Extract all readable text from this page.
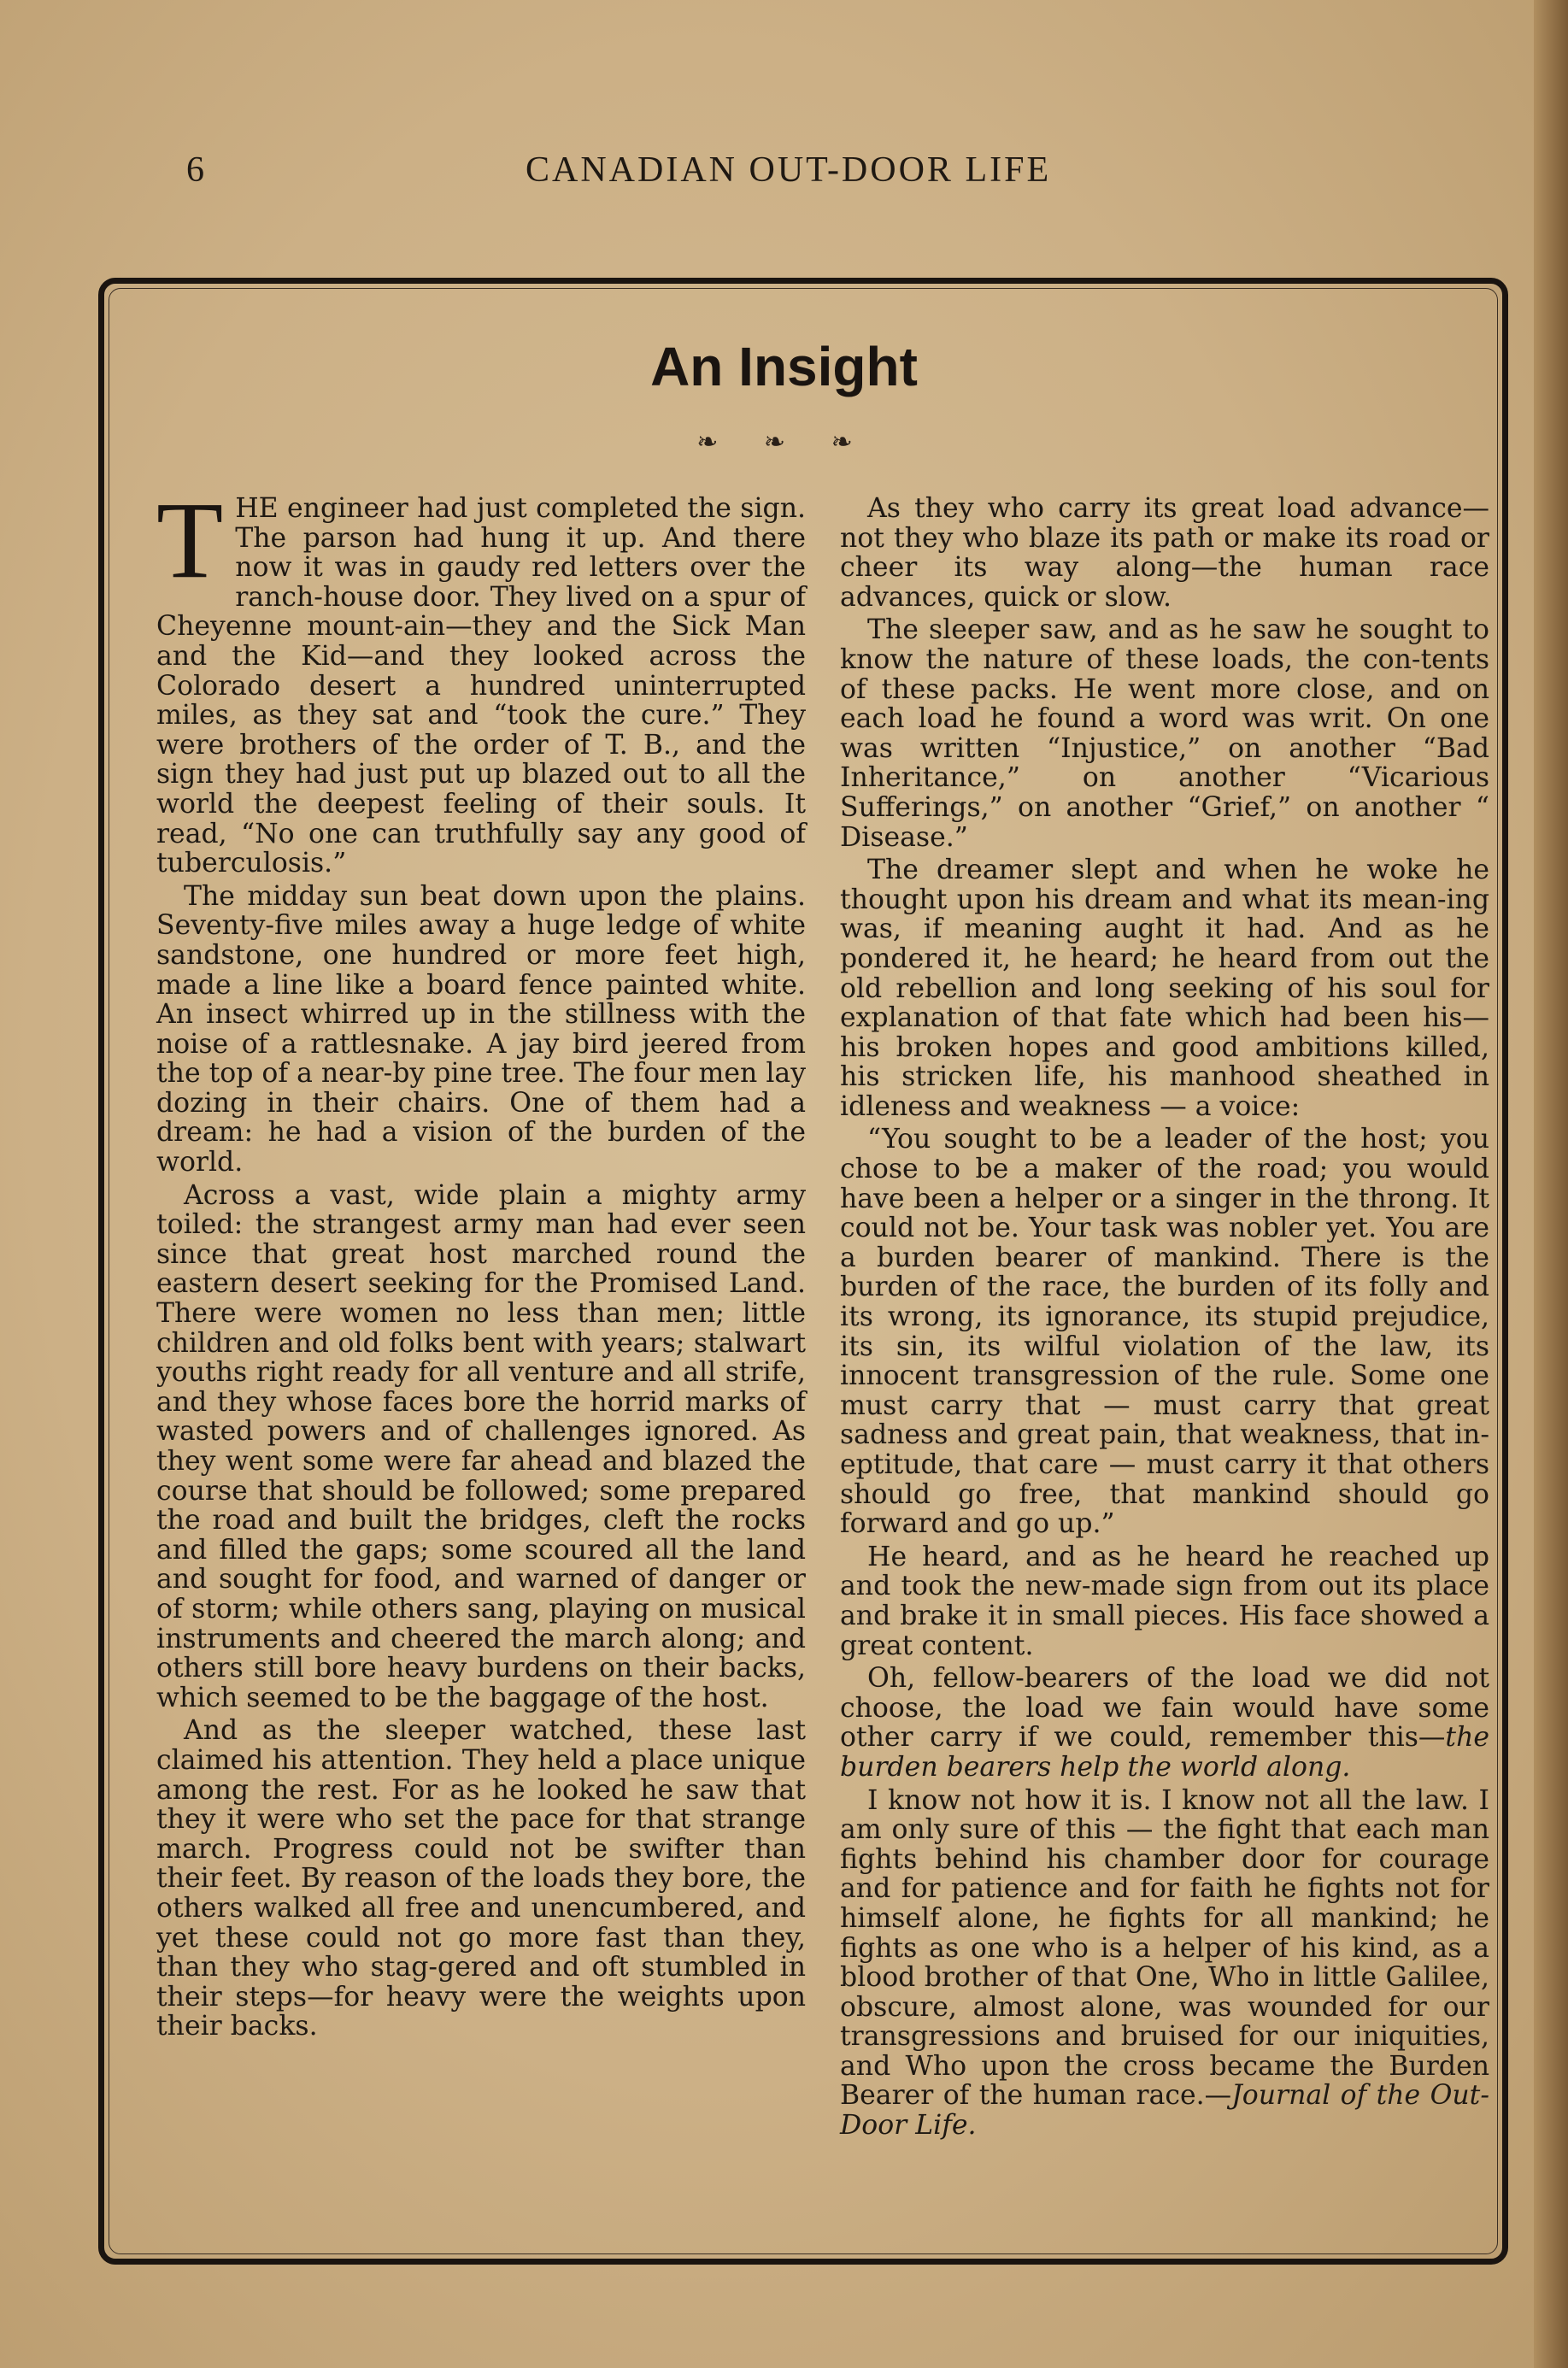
6	CANADIAN OUT-DOOR LIFE
An Insight
❧ ❧ ❧

THE engineer had just completed the sign. The parson had hung it up. And there now it was in gaudy red letters over the ranch-house door. They lived on a spur of Cheyenne mount-ain—they and the Sick Man and the Kid—and they looked across the Colorado desert a hundred uninterrupted miles, as they sat and “took the cure.” They were brothers of the order of T. B., and the sign they had just put up blazed out to all the world the deepest feeling of their souls. It read, “No one can truthfully say any good of tuberculosis.”

The midday sun beat down upon the plains. Seventy-five miles away a huge ledge of white sandstone, one hundred or more feet high, made a line like a board fence painted white. An insect whirred up in the stillness with the noise of a rattlesnake. A jay bird jeered from the top of a near-by pine tree. The four men lay dozing in their chairs. One of them had a dream: he had a vision of the burden of the world.

Across a vast, wide plain a mighty army toiled: the strangest army man had ever seen since that great host marched round the eastern desert seeking for the Promised Land. There were women no less than men; little children and old folks bent with years; stalwart youths right ready for all venture and all strife, and they whose faces bore the horrid marks of wasted powers and of challenges ignored. As they went some were far ahead and blazed the course that should be followed; some prepared the road and built the bridges, cleft the rocks and filled the gaps; some scoured all the land and sought for food, and warned of danger or of storm; while others sang, playing on musical instruments and cheered the march along; and others still bore heavy burdens on their backs, which seemed to be the baggage of the host.

And as the sleeper watched, these last claimed his attention. They held a place unique among the rest. For as he looked he saw that they it were who set the pace for that strange march. Progress could not be swifter than their feet. By reason of the loads they bore, the others walked all free and unencumbered, and yet these could not go more fast than they, than they who stag-gered and oft stumbled in their steps—for heavy were the weights upon their backs.

As they who carry its great load advance—not they who blaze its path or make its road or cheer its way along—the human race advances, quick or slow.

The sleeper saw, and as he saw he sought to know the nature of these loads, the con-tents of these packs. He went more close, and on each load he found a word was writ. On one was written “Injustice,” on another “Bad Inheritance,” on another “Vicarious Sufferings,” on another “Grief,” on another “ Disease.”

The dreamer slept and when he woke he thought upon his dream and what its mean-ing was, if meaning aught it had. And as he pondered it, he heard; he heard from out the old rebellion and long seeking of his soul for explanation of that fate which had been his—his broken hopes and good ambitions killed, his stricken life, his manhood sheathed in idleness and weakness — a voice:

“You sought to be a leader of the host; you chose to be a maker of the road; you would have been a helper or a singer in the throng. It could not be. Your task was nobler yet. You are a burden bearer of mankind. There is the burden of the race, the burden of its folly and its wrong, its ignorance, its stupid prejudice, its sin, its wilful violation of the law, its innocent transgression of the rule. Some one must carry that — must carry that great sadness and great pain, that weakness, that in-eptitude, that care — must carry it that others should go free, that mankind should go forward and go up.”

He heard, and as he heard he reached up and took the new-made sign from out its place and brake it in small pieces. His face showed a great content.

Oh, fellow-bearers of the load we did not choose, the load we fain would have some other carry if we could, remember this—the burden bearers help the world along.

I know not how it is. I know not all the law. I am only sure of this — the fight that each man fights behind his chamber door for courage and for patience and for faith he fights not for himself alone, he fights for all mankind; he fights as one who is a helper of his kind, as a blood brother of that One, Who in little Galilee, obscure, almost alone, was wounded for our transgressions and bruised for our iniquities, and Who upon the cross became the Burden Bearer of the human race.—Journal of the Out-Door Life.
